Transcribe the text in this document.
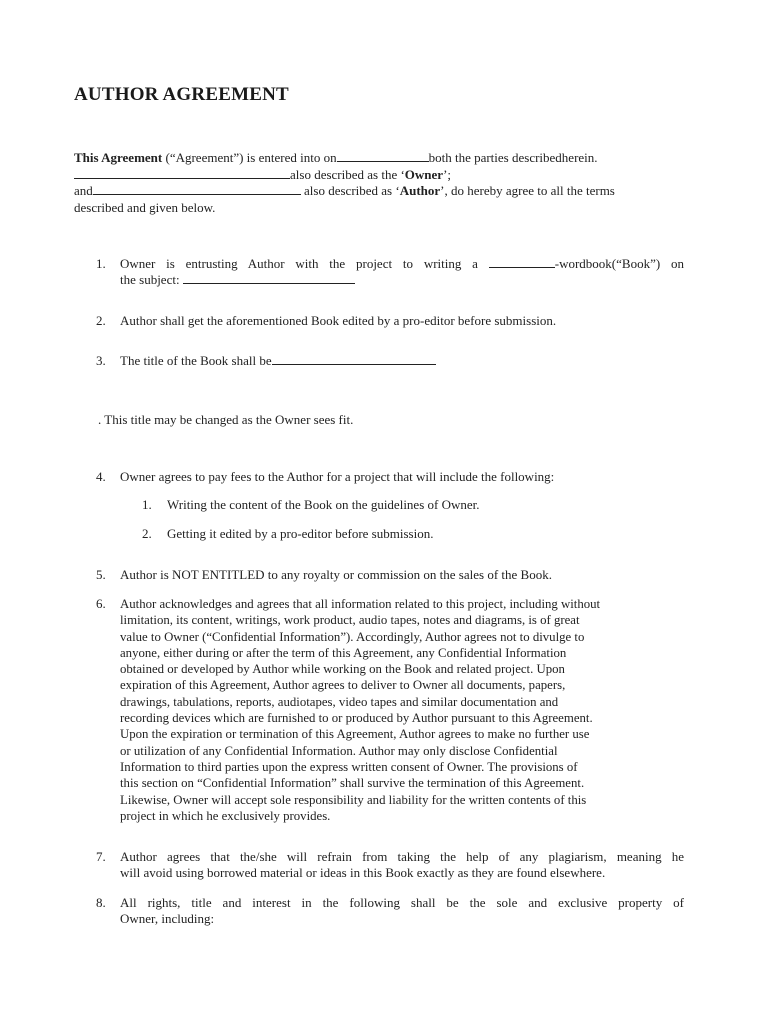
AUTHOR AGREEMENT
This Agreement (“Agreement”) is entered into on	both the parties describedherein.
also described as the ‘Owner’;
and	also described as ‘Author’, do hereby agree to all the terms
described and given below.
1. Owner is entrusting Author with the project to writing a	-wordbook(“Book”) on
the subject:
2. Author shall get the aforementioned Book edited by a pro-editor before submission.
3. The title of the Book shall be
. This title may be changed as the Owner sees fit.
4. Owner agrees to pay fees to the Author for a project that will include the following:
1. Writing the content of the Book on the guidelines of Owner.
2. Getting it edited by a pro-editor before submission.
5. Author is NOT ENTITLED to any royalty or commission on the sales of the Book.
6. Author acknowledges and agrees that all information related to this project, including without
limitation, its content, writings, work product, audio tapes, notes and diagrams, is of great
value to Owner (“Confidential Information”). Accordingly, Author agrees not to divulge to
anyone, either during or after the term of this Agreement, any Confidential Information
obtained or developed by Author while working on the Book and related project. Upon
expiration of this Agreement, Author agrees to deliver to Owner all documents, papers,
drawings, tabulations, reports, audiotapes, video tapes and similar documentation and
recording devices which are furnished to or produced by Author pursuant to this Agreement.
Upon the expiration or termination of this Agreement, Author agrees to make no further use
or utilization of any Confidential Information. Author may only disclose Confidential
Information to third parties upon the express written consent of Owner. The provisions of
this section on “Confidential Information” shall survive the termination of this Agreement.
Likewise, Owner will accept sole responsibility and liability for the written contents of this
project in which he exclusively provides.
7. Author agrees that the/she will refrain from taking the help of any plagiarism, meaning he
will avoid using borrowed material or ideas in this Book exactly as they are found elsewhere.
8. All rights, title and interest in the following shall be the sole and exclusive property of
Owner, including:
